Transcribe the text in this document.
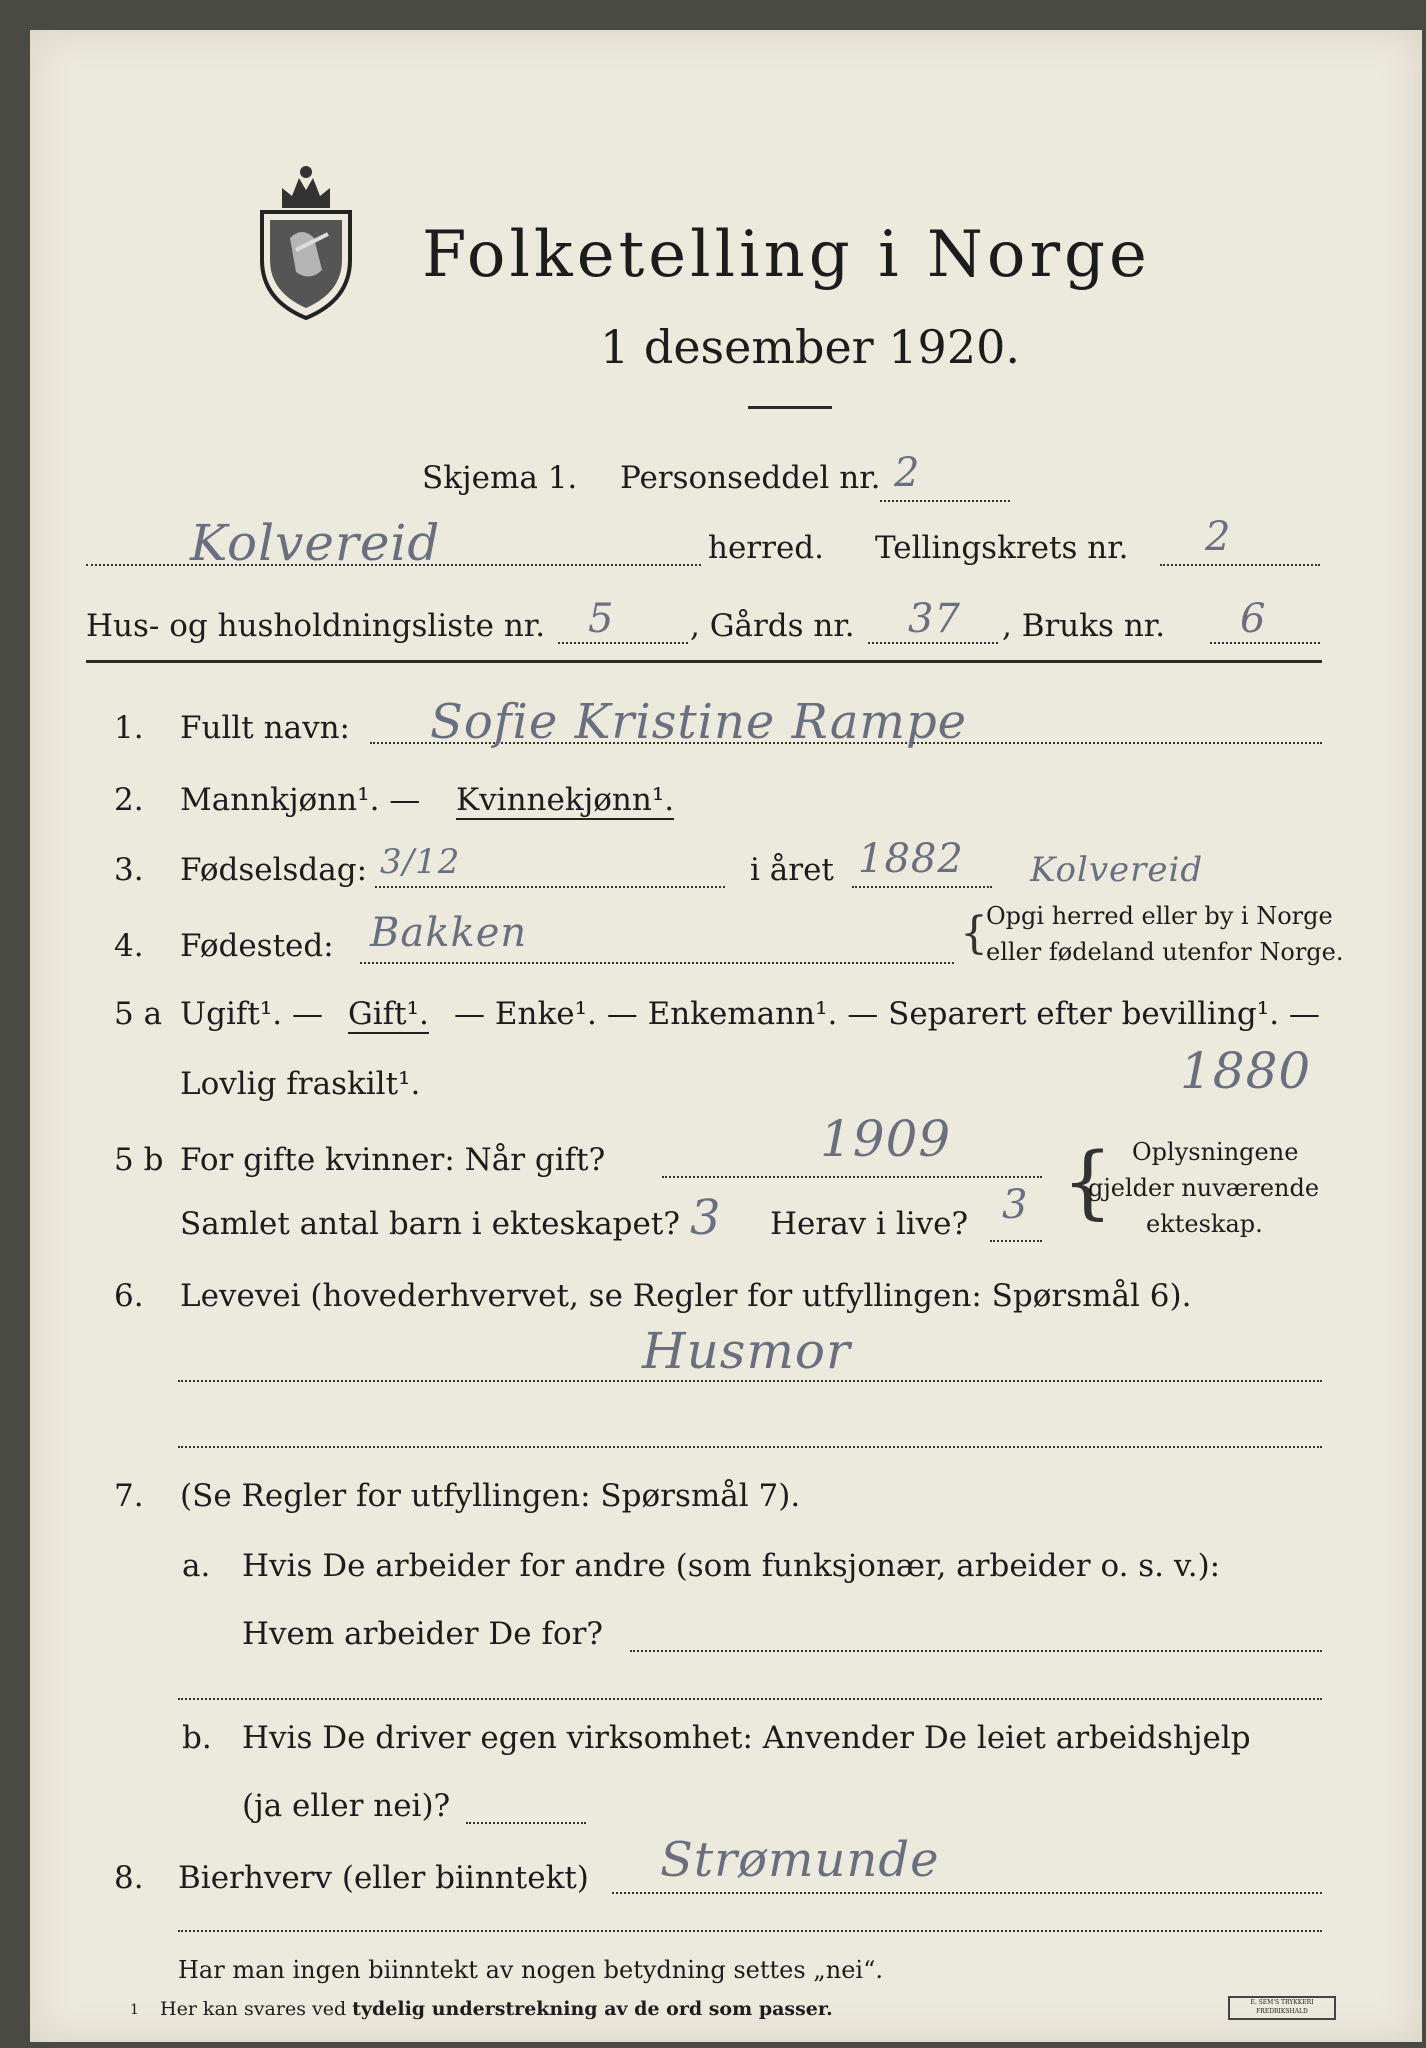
Folketelling i Norge
1 desember 1920.
Skjema 1. Personseddel nr. 2
Kolvereid	herred. Tellingskrets nr. 2
Hus- og husholdningsliste nr. 5 , Gårds nr. 37 , Bruks nr. 6
1. Fullt navn: Sofie Kristine Rampe
2. Mannkjønn¹. — Kvinnekjønn¹.
3. Fødselsdag: 3/12	i året 1882 Kolvereid
4. Fødested: Bakken	{
Opgi herred eller by i Norge
eller fødeland utenfor Norge.
5 a Ugift¹. — Gift¹. — Enke¹. — Enkemann¹. — Separert efter bevilling¹. —
Lovlig fraskilt¹.	1880
5 b For gifte kvinner: Når gift?	1909
Samlet antal barn i ekteskapet? 3 Herav i live? 3 { Oplysningene
gjelder nuværende
ekteskap.
6. Levevei (hovederhvervet, se Regler for utfyllingen: Spørsmål 6).
Husmor
7. (Se Regler for utfyllingen: Spørsmål 7).
a. Hvis De arbeider for andre (som funksjonær, arbeider o. s. v.):
Hvem arbeider De for?
b. Hvis De driver egen virksomhet: Anvender De leiet arbeidshjelp
(ja eller nei)?
8. Bierhverv (eller biinntekt) Strømunde
Har man ingen biinntekt av nogen betydning settes „nei“.
1 Her kan svares ved tydelig understrekning av de ord som passer.	E. SEM'S TRYKKERI FREDRIKSHALD
